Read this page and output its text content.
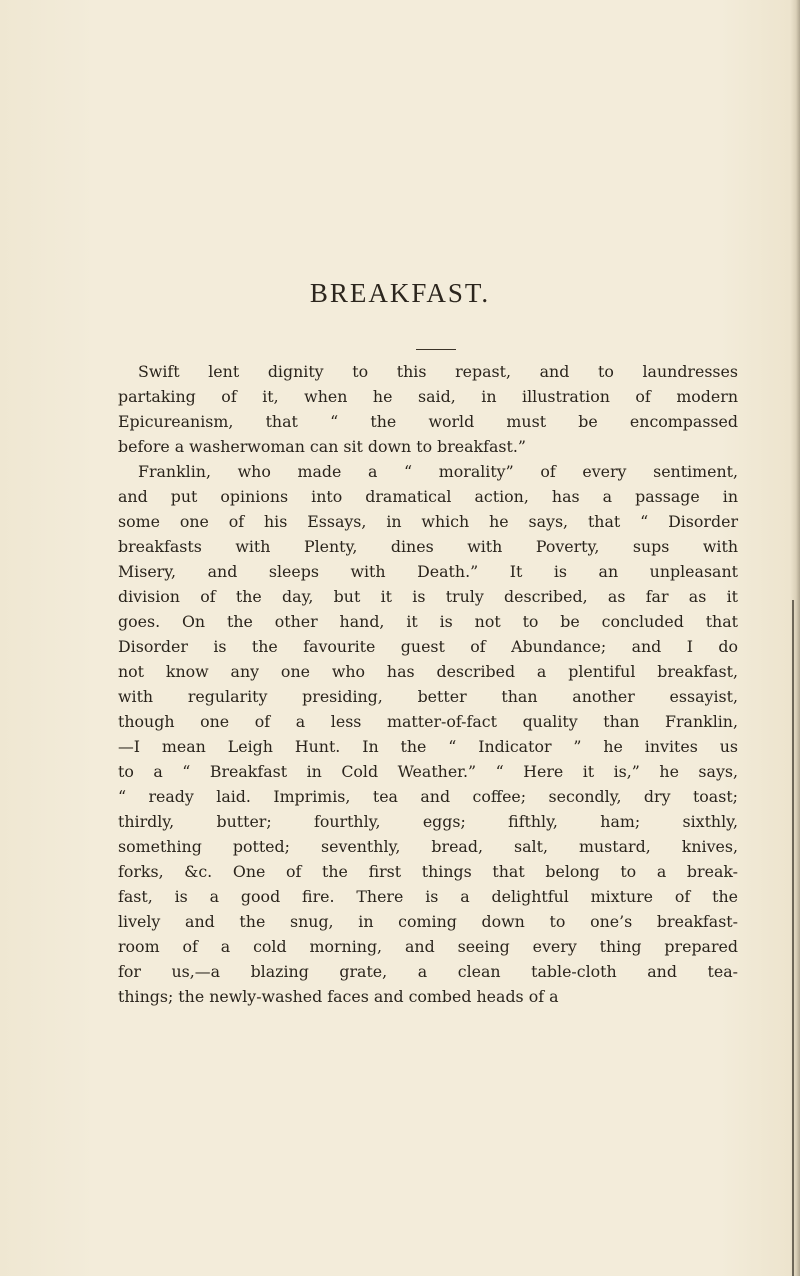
BREAKFAST.
Swift lent dignity to this repast, and to laundresses
partaking of it, when he said, in illustration of modern
Epicureanism, that “ the world must be encompassed
before a washerwoman can sit down to breakfast.”
Franklin, who made a “ morality” of every sentiment,
and put opinions into dramatical action, has a passage in
some one of his Essays, in which he says, that “ Disorder
breakfasts with Plenty, dines with Poverty, sups with
Misery, and sleeps with Death.” It is an unpleasant
division of the day, but it is truly described, as far as it
goes. On the other hand, it is not to be concluded that
Disorder is the favourite guest of Abundance; and I do
not know any one who has described a plentiful breakfast,
with regularity presiding, better than another essayist,
though one of a less matter-of-fact quality than Franklin,
—I mean Leigh Hunt. In the “ Indicator ” he invites us
to a “ Breakfast in Cold Weather.” “ Here it is,” he says,
“ ready laid. Imprimis, tea and coffee; secondly, dry toast;
thirdly, butter; fourthly, eggs; fifthly, ham; sixthly,
something potted; seventhly, bread, salt, mustard, knives,
forks, &c. One of the first things that belong to a break-
fast, is a good fire. There is a delightful mixture of the
lively and the snug, in coming down to one’s breakfast-
room of a cold morning, and seeing every thing prepared
for us,—a blazing grate, a clean table-cloth and tea-
things; the newly-washed faces and combed heads of a
